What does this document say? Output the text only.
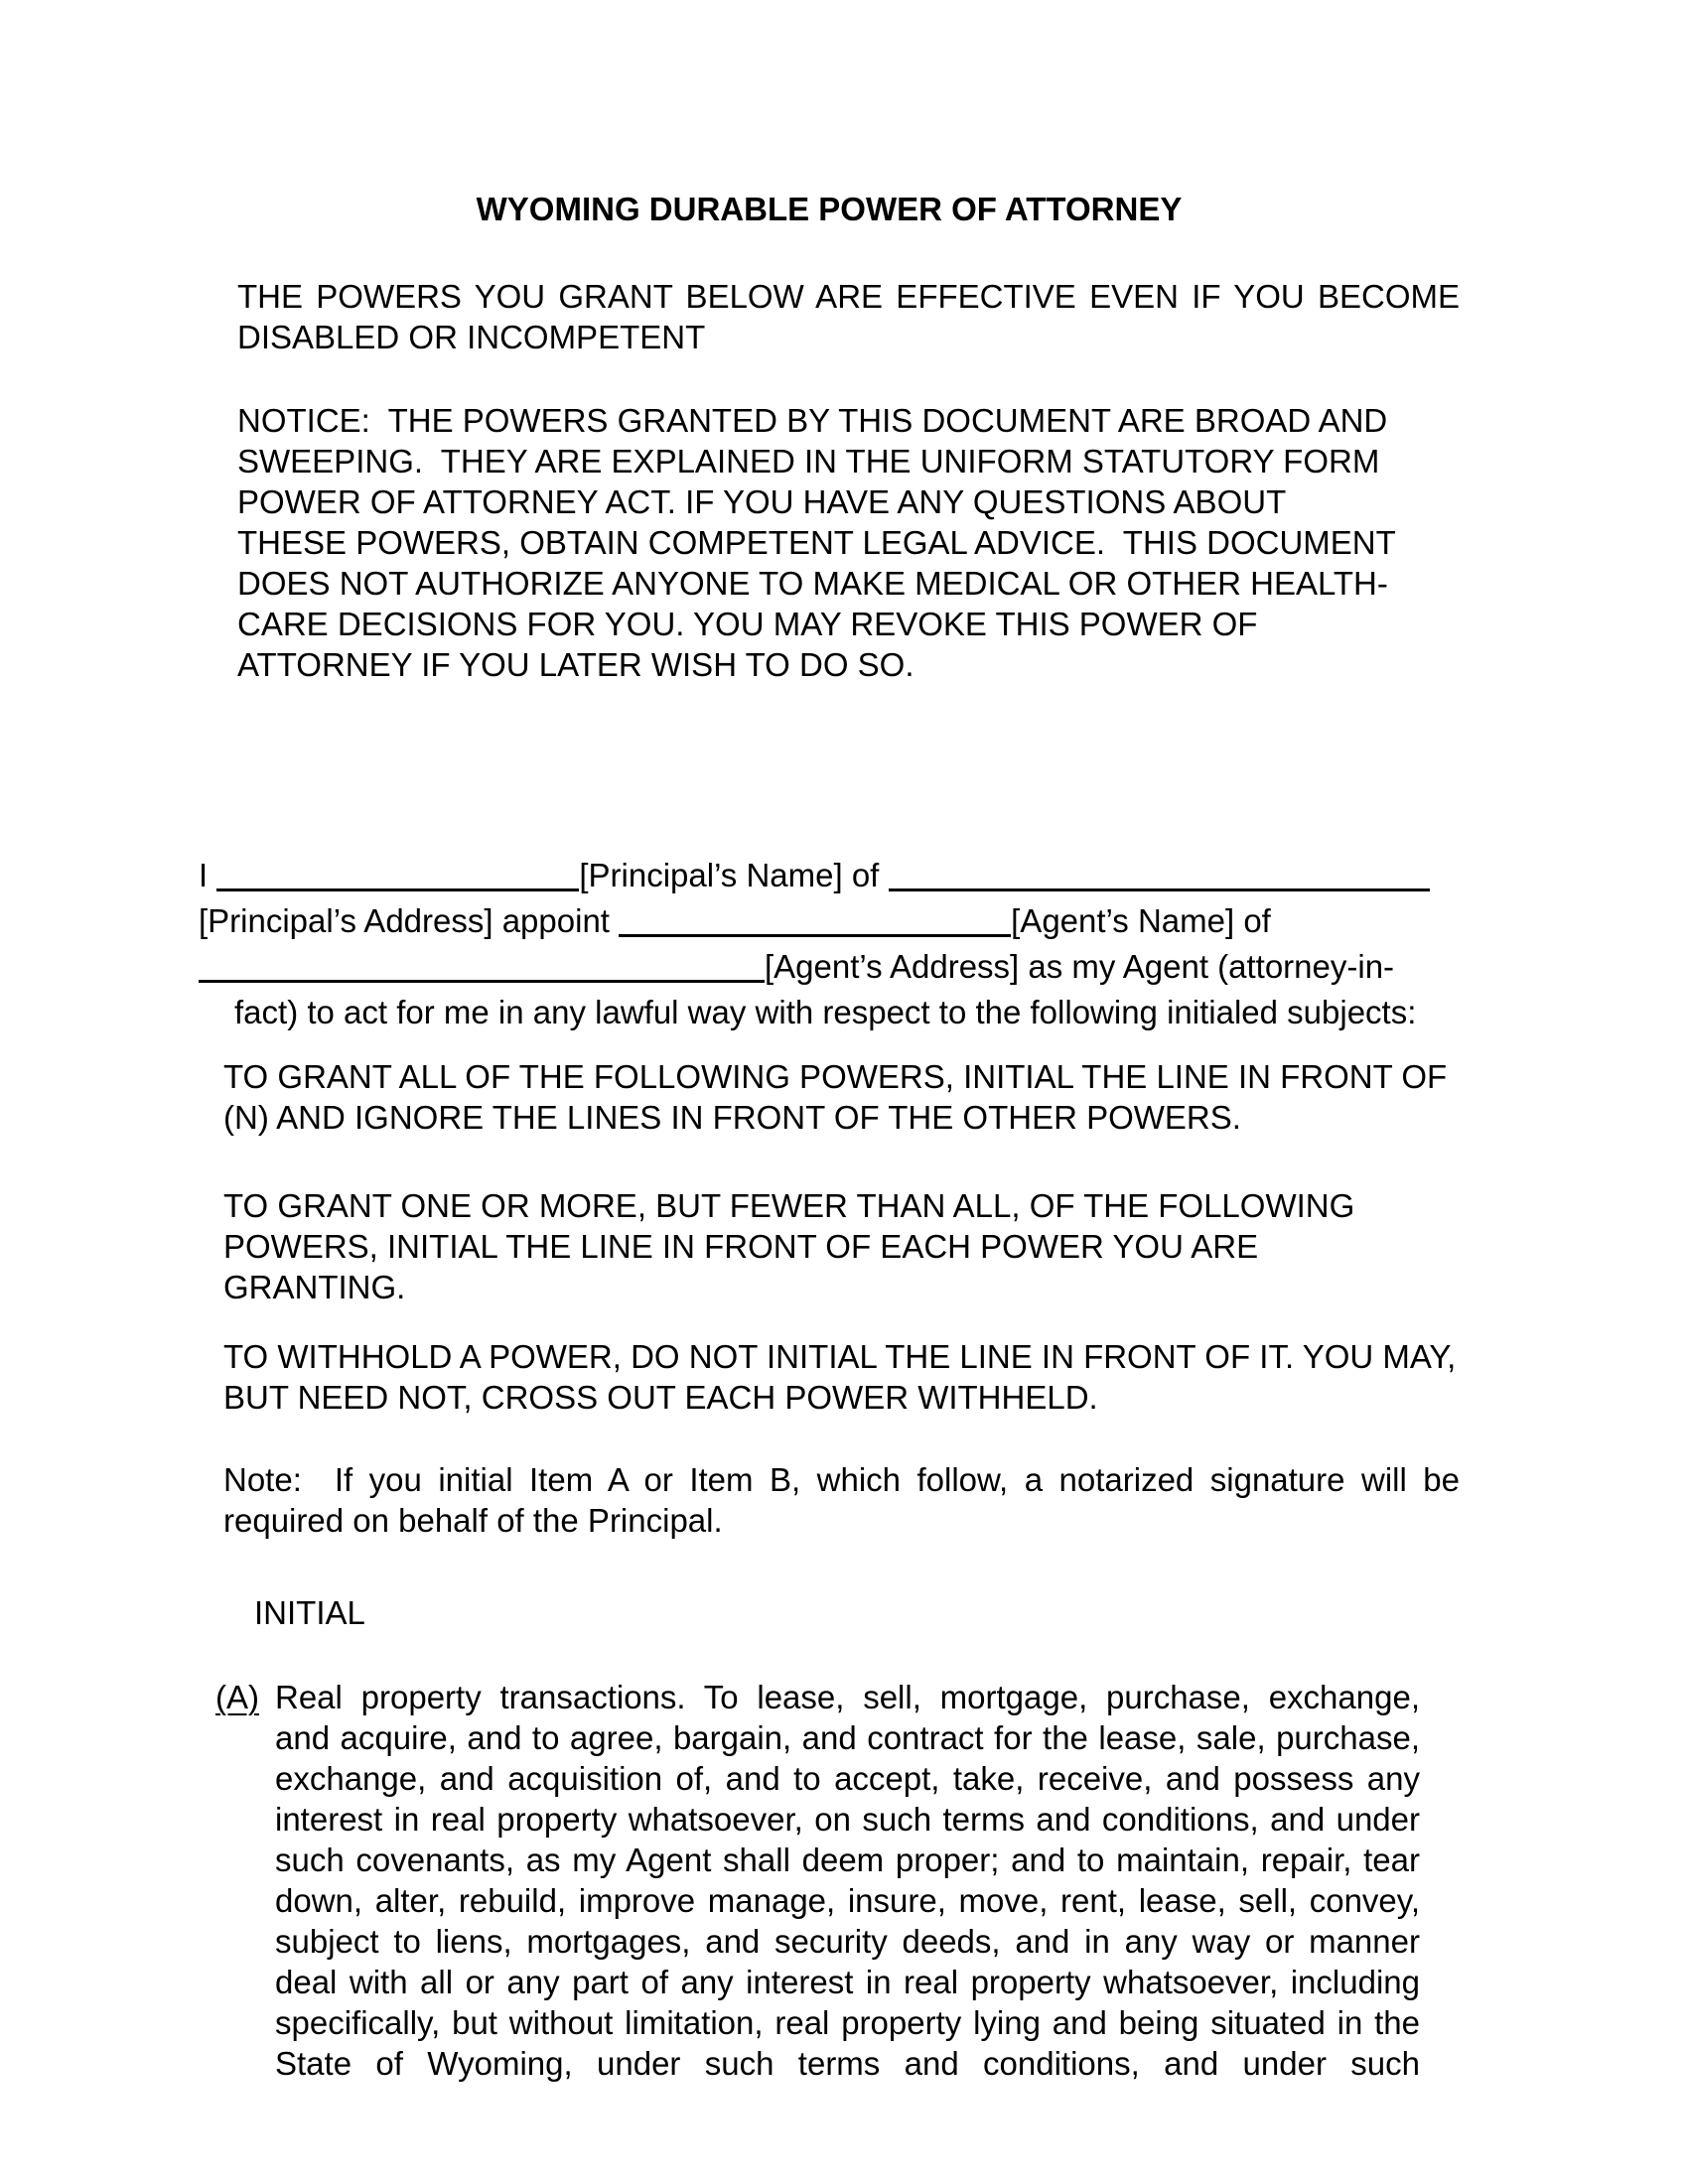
WYOMING DURABLE POWER OF ATTORNEY
THE POWERS YOU GRANT BELOW ARE EFFECTIVE EVEN IF YOU BECOME
DISABLED OR INCOMPETENT
NOTICE:  THE POWERS GRANTED BY THIS DOCUMENT ARE BROAD AND
SWEEPING.  THEY ARE EXPLAINED IN THE UNIFORM STATUTORY FORM
POWER OF ATTORNEY ACT. IF YOU HAVE ANY QUESTIONS ABOUT
THESE POWERS, OBTAIN COMPETENT LEGAL ADVICE.  THIS DOCUMENT
DOES NOT AUTHORIZE ANYONE TO MAKE MEDICAL OR OTHER HEALTH-
CARE DECISIONS FOR YOU. YOU MAY REVOKE THIS POWER OF
ATTORNEY IF YOU LATER WISH TO DO SO.
I	[Principal’s Name] of
[Principal’s Address] appoint	[Agent’s Name] of
[Agent’s Address] as my Agent (attorney-in-
fact) to act for me in any lawful way with respect to the following initialed subjects:
TO GRANT ALL OF THE FOLLOWING POWERS, INITIAL THE LINE IN FRONT OF
(N) AND IGNORE THE LINES IN FRONT OF THE OTHER POWERS.
TO GRANT ONE OR MORE, BUT FEWER THAN ALL, OF THE FOLLOWING
POWERS, INITIAL THE LINE IN FRONT OF EACH POWER YOU ARE
GRANTING.
TO WITHHOLD A POWER, DO NOT INITIAL THE LINE IN FRONT OF IT. YOU MAY,
BUT NEED NOT, CROSS OUT EACH POWER WITHHELD.
Note:  If you initial Item A or Item B, which follow, a notarized signature will be
required on behalf of the Principal.
INITIAL
Real property transactions. To lease, sell, mortgage, purchase, exchange,
(A)
and acquire, and to agree, bargain, and contract for the lease, sale, purchase,
exchange, and acquisition of, and to accept, take, receive, and possess any
interest in real property whatsoever, on such terms and conditions, and under
such covenants, as my Agent shall deem proper; and to maintain, repair, tear
down, alter, rebuild, improve manage, insure, move, rent, lease, sell, convey,
subject to liens, mortgages, and security deeds, and in any way or manner
deal with all or any part of any interest in real property whatsoever, including
specifically, but without limitation, real property lying and being situated in the
State of Wyoming, under such terms and conditions, and under such
